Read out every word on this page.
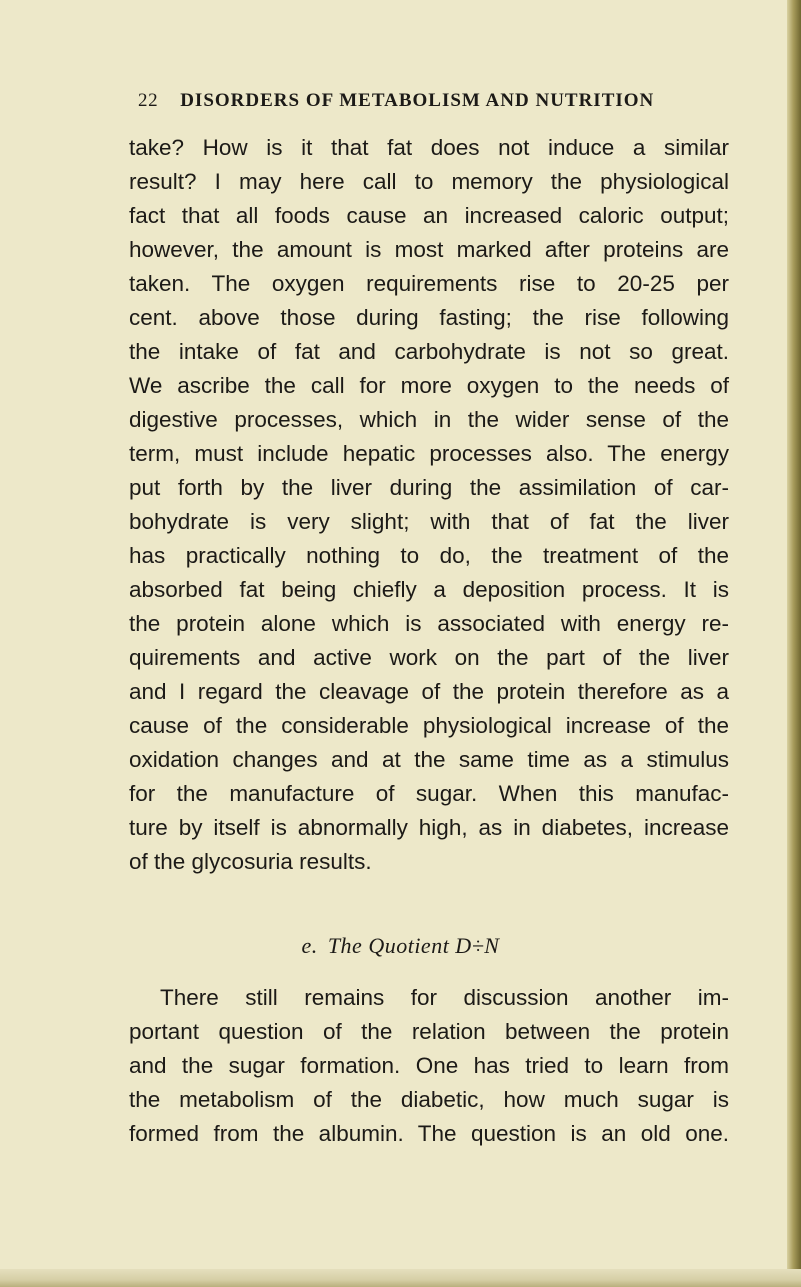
22 DISORDERS OF METABOLISM AND NUTRITION
take? How is it that fat does not induce a similar
result? I may here call to memory the physiological
fact that all foods cause an increased caloric output;
however, the amount is most marked after proteins are
taken. The oxygen requirements rise to 20-25 per
cent. above those during fasting; the rise following
the intake of fat and carbohydrate is not so great.
We ascribe the call for more oxygen to the needs of
digestive processes, which in the wider sense of the
term, must include hepatic processes also. The energy
put forth by the liver during the assimilation of car-
bohydrate is very slight; with that of fat the liver
has practically nothing to do, the treatment of the
absorbed fat being chiefly a deposition process. It is
the protein alone which is associated with energy re-
quirements and active work on the part of the liver
and I regard the cleavage of the protein therefore as a
cause of the considerable physiological increase of the
oxidation changes and at the same time as a stimulus
for the manufacture of sugar. When this manufac-
ture by itself is abnormally high, as in diabetes, increase
of the glycosuria results.
e. The Quotient D÷N
There still remains for discussion another im-
portant question of the relation between the protein
and the sugar formation. One has tried to learn from
the metabolism of the diabetic, how much sugar is
formed from the albumin. The question is an old one.
